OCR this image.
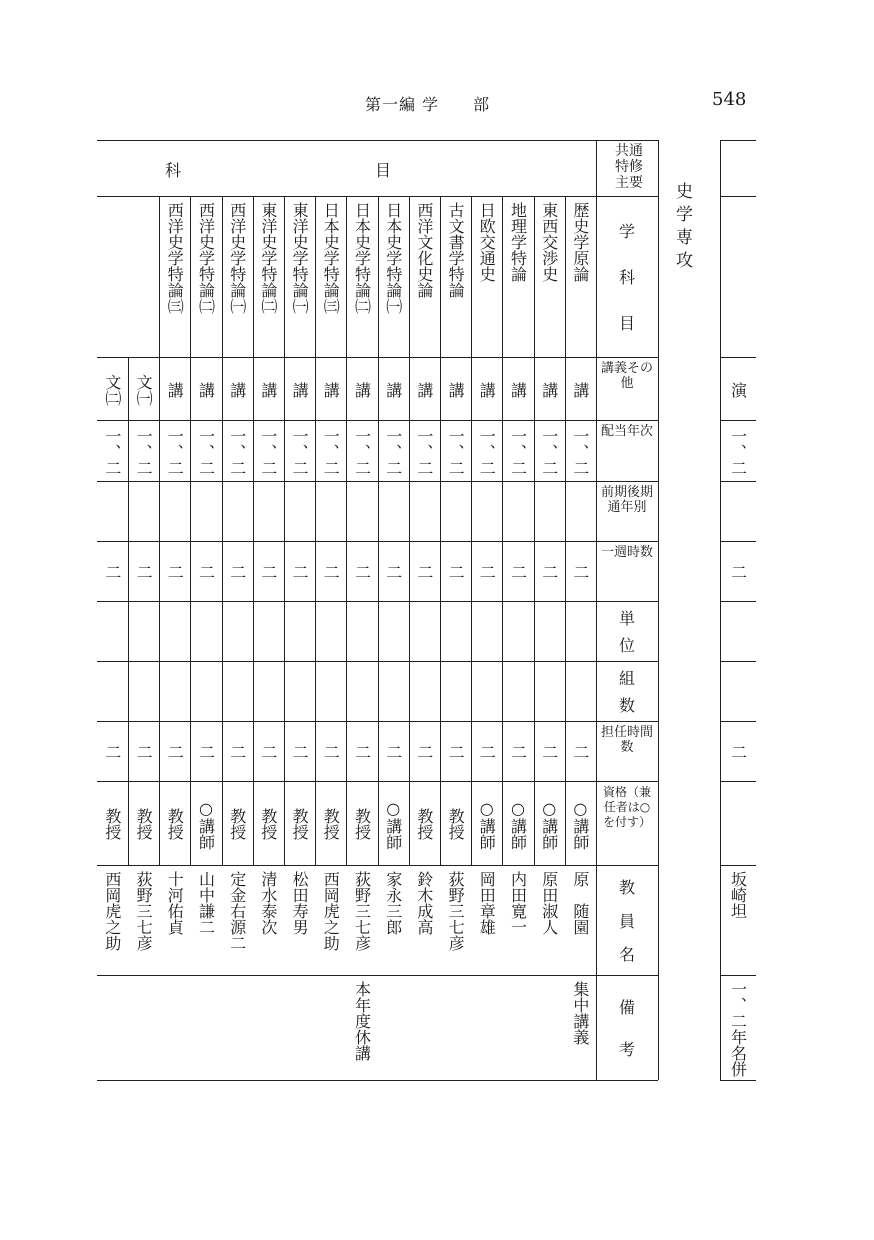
第一編 学　　部	548
史学専攻
科	目
共通
特修
主要
学
科
目
単
位
組
数
教
員
名
備
考
講義その他
配当年次
前期後期通年別
一週時数
担任時間数
資格（兼任者は○を付す）
歴史学原論
講
一、二
二
二
○講師
原　随園
集中講義
東西交渉史
講
一、二
二
二
○講師
原田淑人
地理学特論
講
一、二
二
二
○講師
内田寛一
日欧交通史
講
一、二
二
二
○講師
岡田章雄
古文書学特論
講
一、二
二
二
教授
荻野三七彦
西洋文化史論
講
一、二
二
二
教授
鈴木成高
日本史学特論㈠
講
一、二
二
二
○講師
家永三郎
日本史学特論㈡
講
一、二
二
二
教授
荻野三七彦
本年度休講
日本史学特論㈢
講
一、二
二
二
教授
西岡虎之助
東洋史学特論㈠
講
一、二
二
二
教授
松田寿男
東洋史学特論㈡
講
一、二
二
二
教授
清水泰次
西洋史学特論㈠
講
一、二
二
二
教授
定金右源二
西洋史学特論㈡
講
一、二
二
二
○講師
山中謙二
西洋史学特論㈢
講
一、二
二
二
教授
十河佑貞
文㈠
一、二
二
二
教授
荻野三七彦
文㈡
一、二
二
二
教授
西岡虎之助
演
一、二
二
二
坂崎坦
一、二年名併
